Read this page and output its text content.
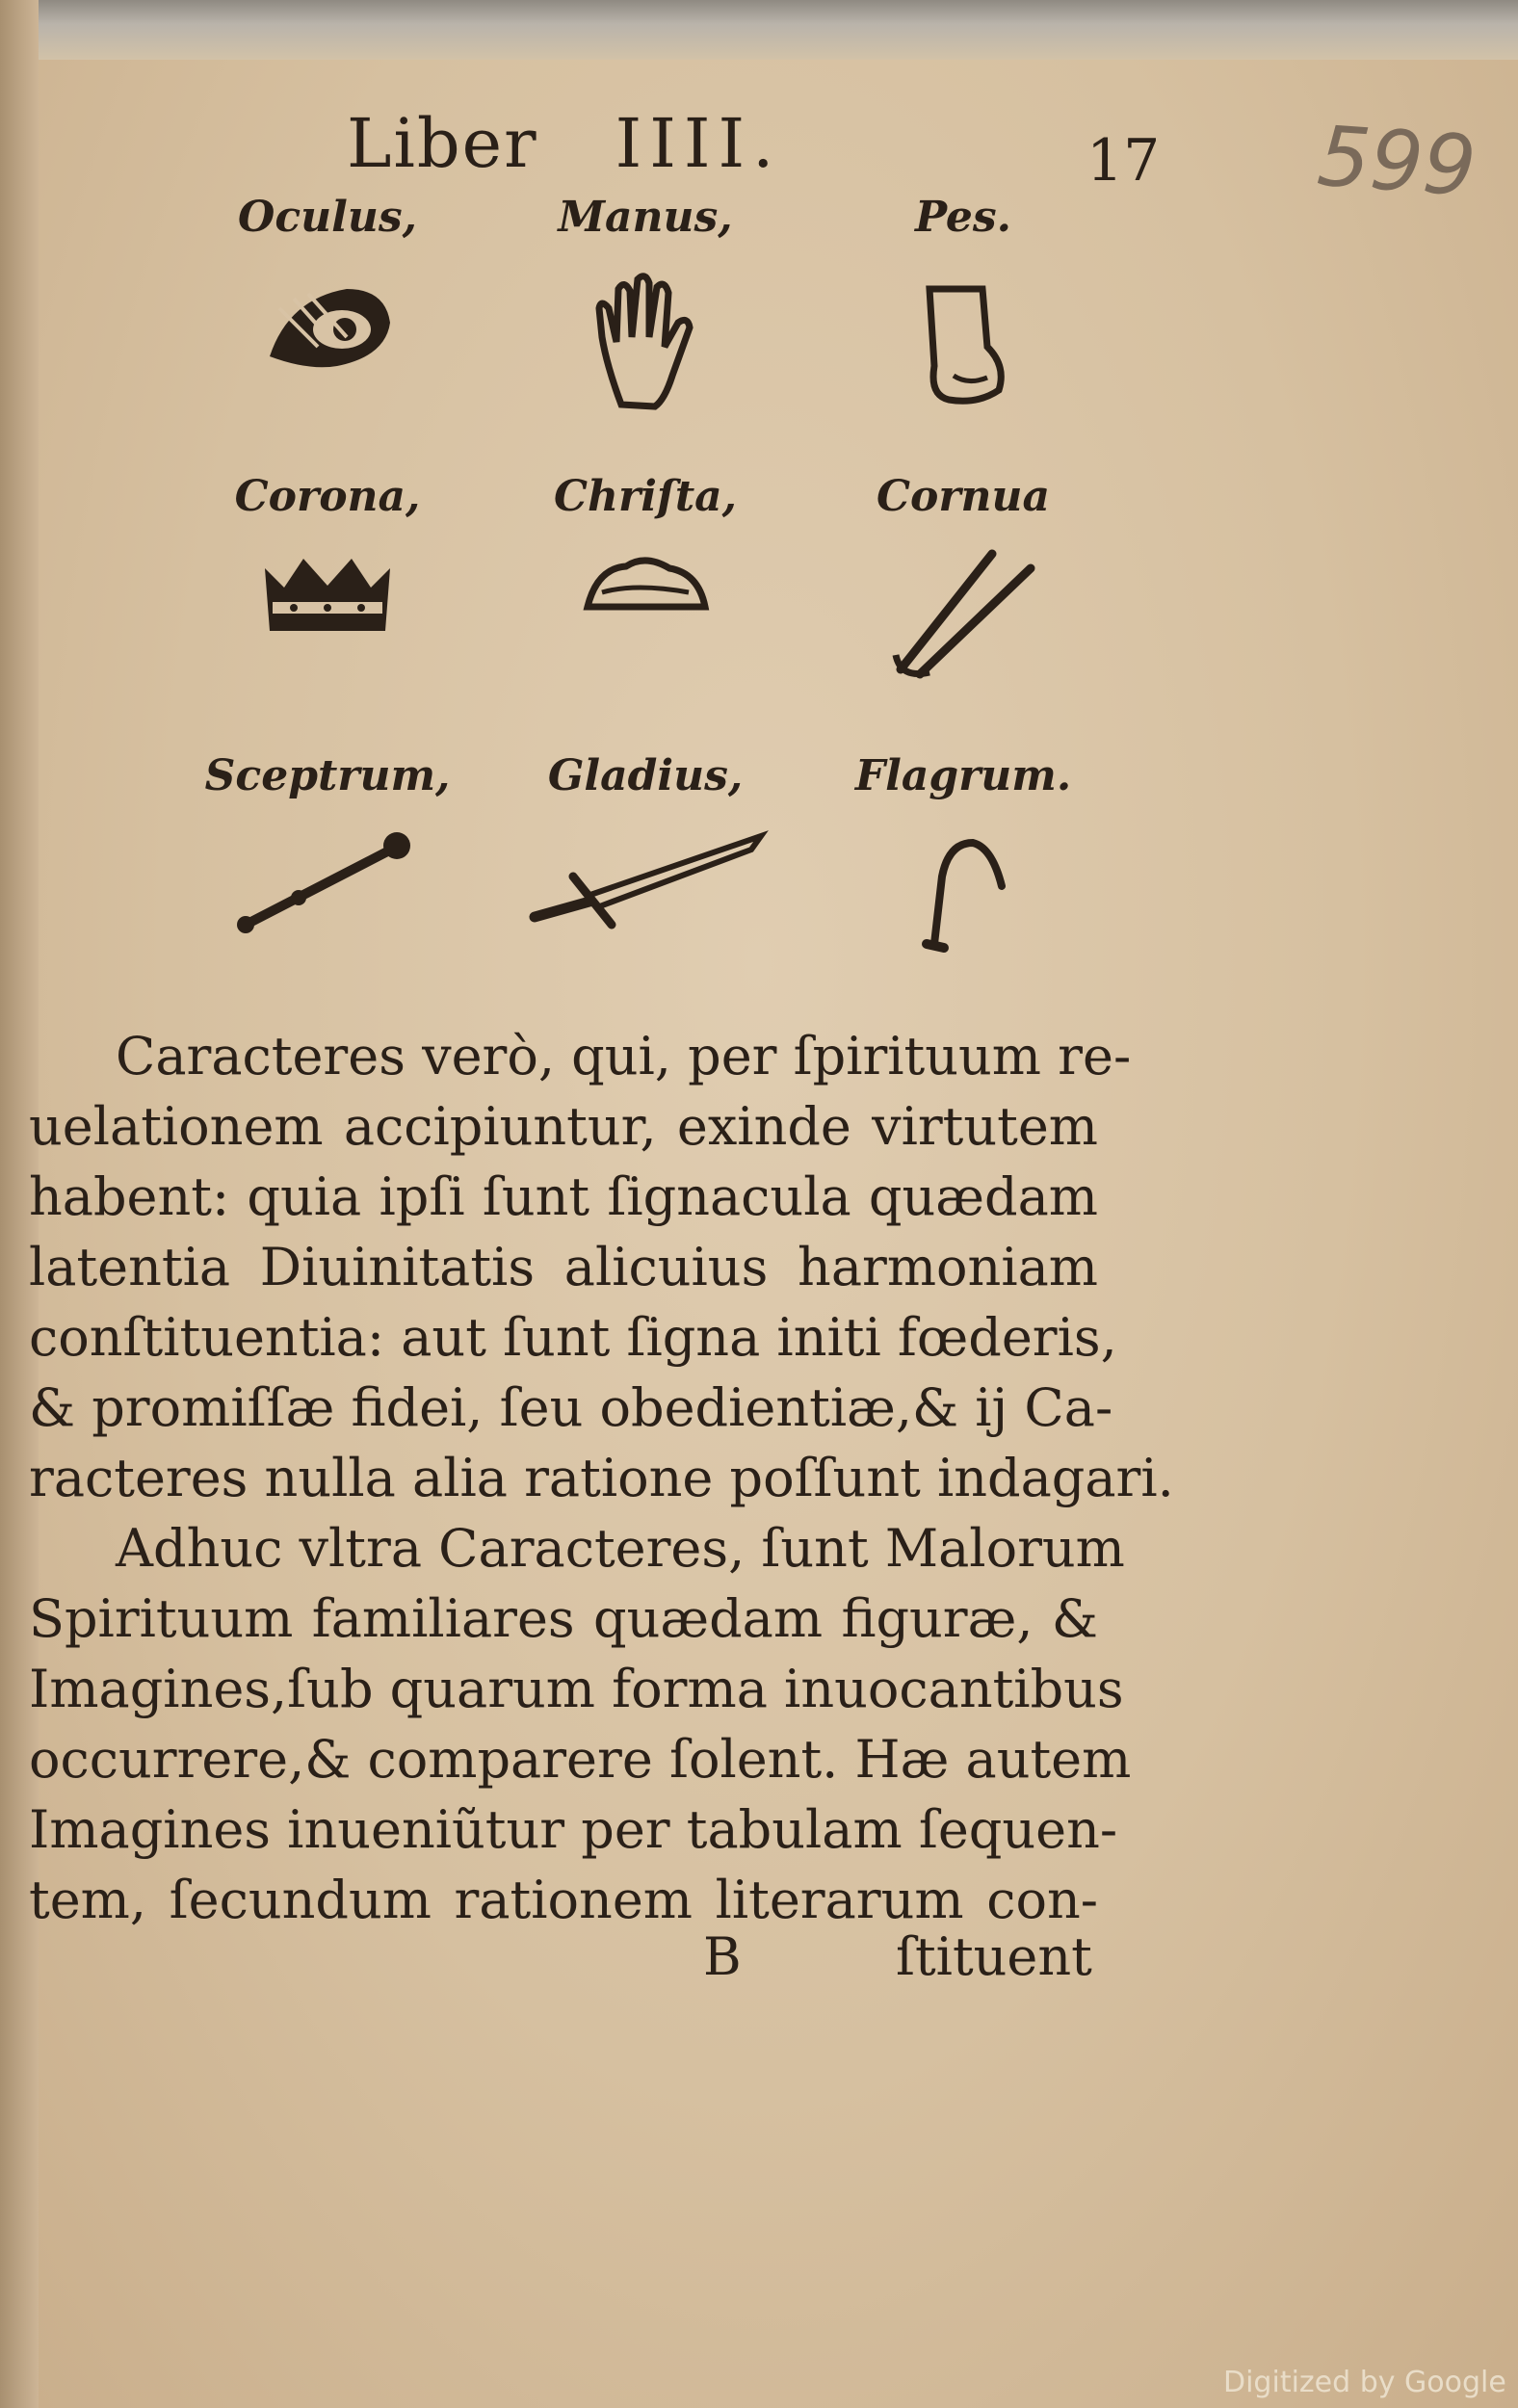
Liber IIII.	17 599
Oculus,	Manus,	Pes.
Corona,	Chriſta,	Cornua
Sceptrum,	Gladius,	Flagrum.
Caracteres verò, qui, per ſpirituum re-
uelationem accipiuntur, exinde virtutem
habent: quia ipſi ſunt ſignacula quædam
latentia Diuinitatis alicuius harmoniam
conſtituentia: aut ſunt ſigna initi fœderis,
& promiſſæ fidei, ſeu obedientiæ,& ij Ca-
racteres nulla alia ratione poſſunt indagari.
Adhuc vltra Caracteres, ſunt Malorum
Spirituum familiares quædam figuræ, &
Imagines,ſub quarum forma inuocantibus
occurrere,& comparere ſolent. Hæ autem
Imagines inueniũtur per tabulam ſequen-
tem, ſecundum rationem literarum con-
B	ſtituent
Digitized by Google
